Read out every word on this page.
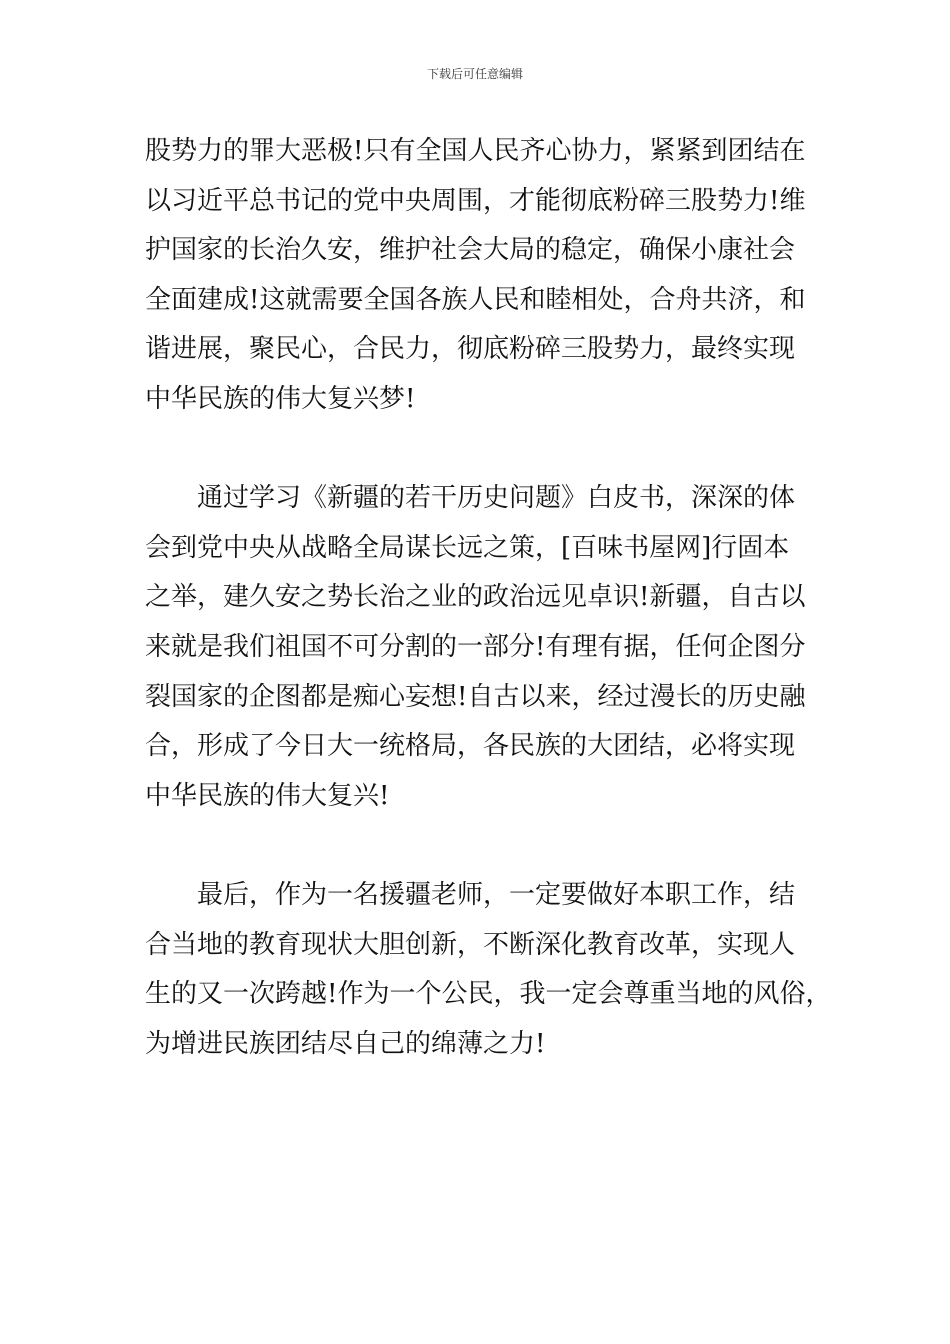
下载后可任意编辑
股势力的罪大恶极!只有全国人民齐心协力，紧紧到团结在
以习近平总书记的党中央周围，才能彻底粉碎三股势力!维
护国家的长治久安，维护社会大局的稳定，确保小康社会
全面建成!这就需要全国各族人民和睦相处，合舟共济，和
谐进展，聚民心，合民力，彻底粉碎三股势力，最终实现
中华民族的伟大复兴梦!
　　通过学习《新疆的若干历史问题》白皮书，深深的体
会到党中央从战略全局谋长远之策，[百味书屋网]行固本
之举，建久安之势长治之业的政治远见卓识!新疆，自古以
来就是我们祖国不可分割的一部分!有理有据，任何企图分
裂国家的企图都是痴心妄想!自古以来，经过漫长的历史融
合，形成了今日大一统格局，各民族的大团结，必将实现
中华民族的伟大复兴!
　　最后，作为一名援疆老师，一定要做好本职工作，结
合当地的教育现状大胆创新，不断深化教育改革，实现人
生的又一次跨越!作为一个公民，我一定会尊重当地的风俗，
为增进民族团结尽自己的绵薄之力!
